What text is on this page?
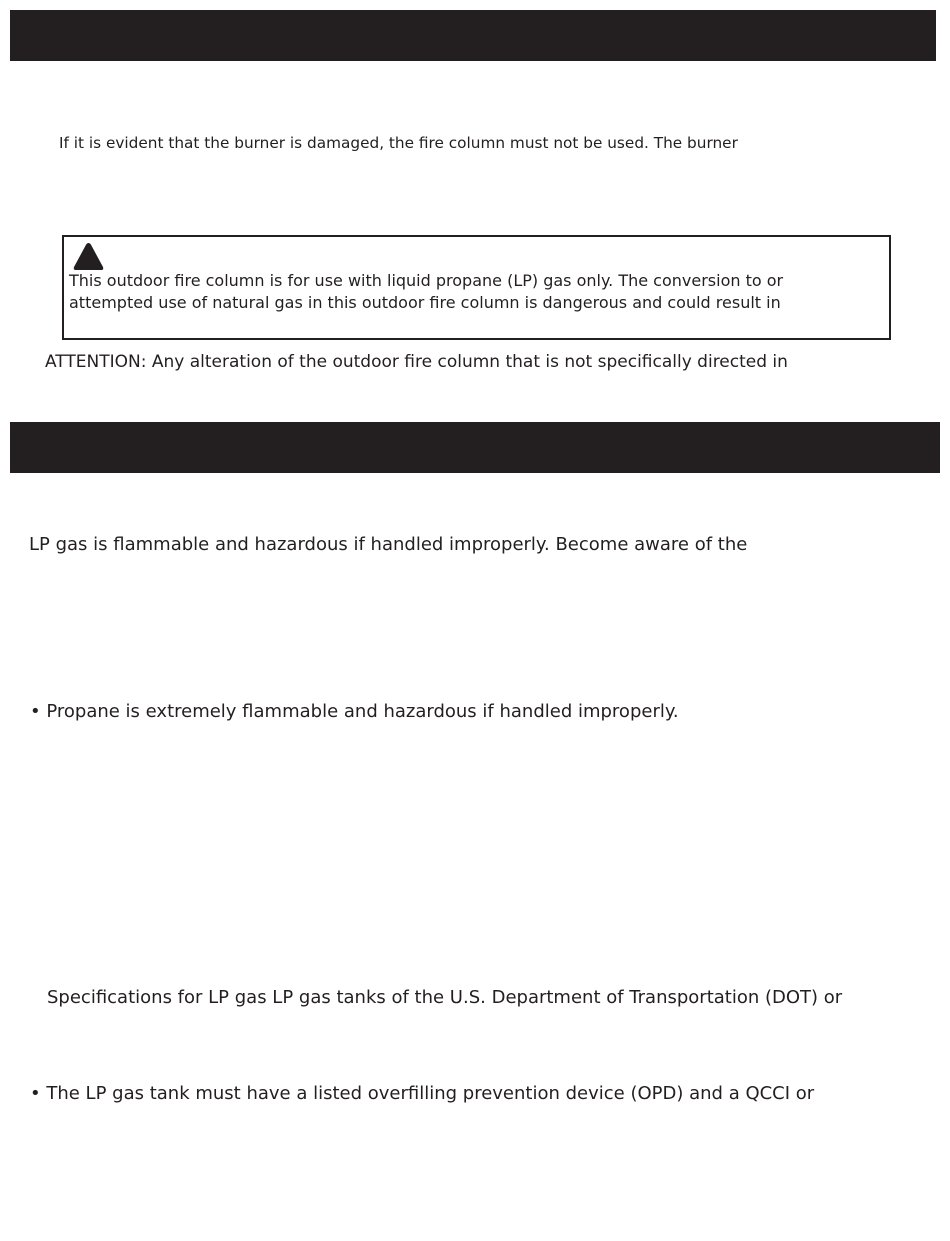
If it is evident that the burner is damaged, the fire column must not be used. The burner
This outdoor fire column is for use with liquid propane (LP) gas only. The conversion to or
attempted use of natural gas in this outdoor fire column is dangerous and could result in
ATTENTION: Any alteration of the outdoor fire column that is not specifically directed in
LP gas is flammable and hazardous if handled improperly. Become aware of the
• Propane is extremely flammable and hazardous if handled improperly.
Specifications for LP gas LP gas tanks of the U.S. Department of Transportation (DOT) or
• The LP gas tank must have a listed overfilling prevention device (OPD) and a QCCI or
